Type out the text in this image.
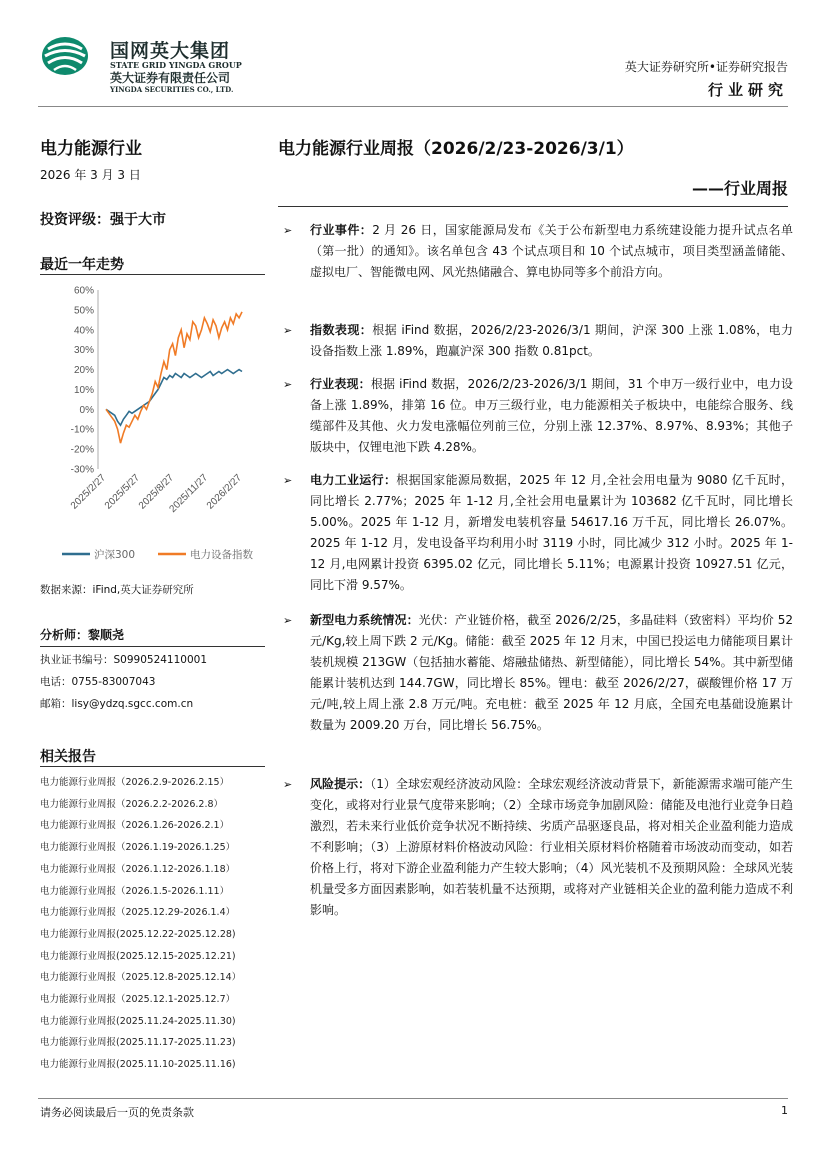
国网英大集团
STATE GRID YINGDA GROUP
英大证券有限责任公司
YINGDA SECURITIES CO., LTD.
英大证券研究所•证券研究报告
行业研究
电力能源行业
2026 年 3 月 3 日
投资评级：强于大市
最近一年走势
60%
50%
40%
30%
20%
10%
0%
-10%
-20%
-30%
2025/2/27
2025/5/27
2025/8/27
2025/11/27
2026/2/27
沪深300	电力设备指数
数据来源：iFind,英大证券研究所
分析师：黎顺尧
执业证书编号：S0990524110001
电话：0755-83007043
邮箱：lisy@ydzq.sgcc.com.cn
相关报告
电力能源行业周报（2026.2.9-2026.2.15）
电力能源行业周报（2026.2.2-2026.2.8）
电力能源行业周报（2026.1.26-2026.2.1）
电力能源行业周报（2026.1.19-2026.1.25）
电力能源行业周报（2026.1.12-2026.1.18）
电力能源行业周报（2026.1.5-2026.1.11）
电力能源行业周报（2025.12.29-2026.1.4）
电力能源行业周报(2025.12.22-2025.12.28)
电力能源行业周报(2025.12.15-2025.12.21)
电力能源行业周报（2025.12.8-2025.12.14）
电力能源行业周报（2025.12.1-2025.12.7）
电力能源行业周报(2025.11.24-2025.11.30)
电力能源行业周报(2025.11.17-2025.11.23)
电力能源行业周报(2025.11.10-2025.11.16)
电力能源行业周报（2026/2/23-2026/3/1）
——行业周报
➢ 行业事件：2 月 26 日，国家能源局发布《关于公布新型电力系统建设能力提升试点名单（第一批）的通知》。该名单包含 43 个试点项目和 10 个试点城市，项目类型涵盖储能、虚拟电厂、智能微电网、风光热储融合、算电协同等多个前沿方向。
➢ 指数表现：根据 iFind 数据，2026/2/23-2026/3/1 期间，沪深 300 上涨 1.08%，电力设备指数上涨 1.89%，跑赢沪深 300 指数 0.81pct。
➢ 行业表现：根据 iFind 数据，2026/2/23-2026/3/1 期间，31 个申万一级行业中，电力设备上涨 1.89%，排第 16 位。申万三级行业，电力能源相关子板块中，电能综合服务、线缆部件及其他、火力发电涨幅位列前三位，分别上涨 12.37%、8.97%、8.93%；其他子版块中，仅锂电池下跌 4.28%。
➢ 电力工业运行：根据国家能源局数据，2025 年 12 月,全社会用电量为 9080 亿千瓦时，同比增长 2.77%；2025 年 1-12 月,全社会用电量累计为 103682 亿千瓦时，同比增长 5.00%。2025 年 1-12 月，新增发电装机容量 54617.16 万千瓦，同比增长 26.07%。2025 年 1-12 月，发电设备平均利用小时 3119 小时，同比减少 312 小时。2025 年 1-12 月,电网累计投资 6395.02 亿元，同比增长 5.11%；电源累计投资 10927.51 亿元，同比下滑 9.57%。
➢ 新型电力系统情况：光伏：产业链价格，截至 2026/2/25，多晶硅料（致密料）平均价 52 元/Kg,较上周下跌 2 元/Kg。储能：截至 2025 年 12 月末，中国已投运电力储能项目累计装机规模 213GW（包括抽水蓄能、熔融盐储热、新型储能），同比增长 54%。其中新型储能累计装机达到 144.7GW，同比增长 85%。锂电：截至 2026/2/27，碳酸锂价格 17 万元/吨,较上周上涨 2.8 万元/吨。充电桩：截至 2025 年 12 月底，全国充电基础设施累计数量为 2009.20 万台，同比增长 56.75%。
➢ 风险提示：（1）全球宏观经济波动风险：全球宏观经济波动背景下，新能源需求端可能产生变化，或将对行业景气度带来影响；（2）全球市场竞争加剧风险：储能及电池行业竞争日趋激烈，若未来行业低价竞争状况不断持续、劣质产品驱逐良品，将对相关企业盈利能力造成不利影响；（3）上游原材料价格波动风险：行业相关原材料价格随着市场波动而变动，如若价格上行，将对下游企业盈利能力产生较大影响；（4）风光装机不及预期风险：全球风光装机量受多方面因素影响，如若装机量不达预期，或将对产业链相关企业的盈利能力造成不利影响。
请务必阅读最后一页的免责条款	1
